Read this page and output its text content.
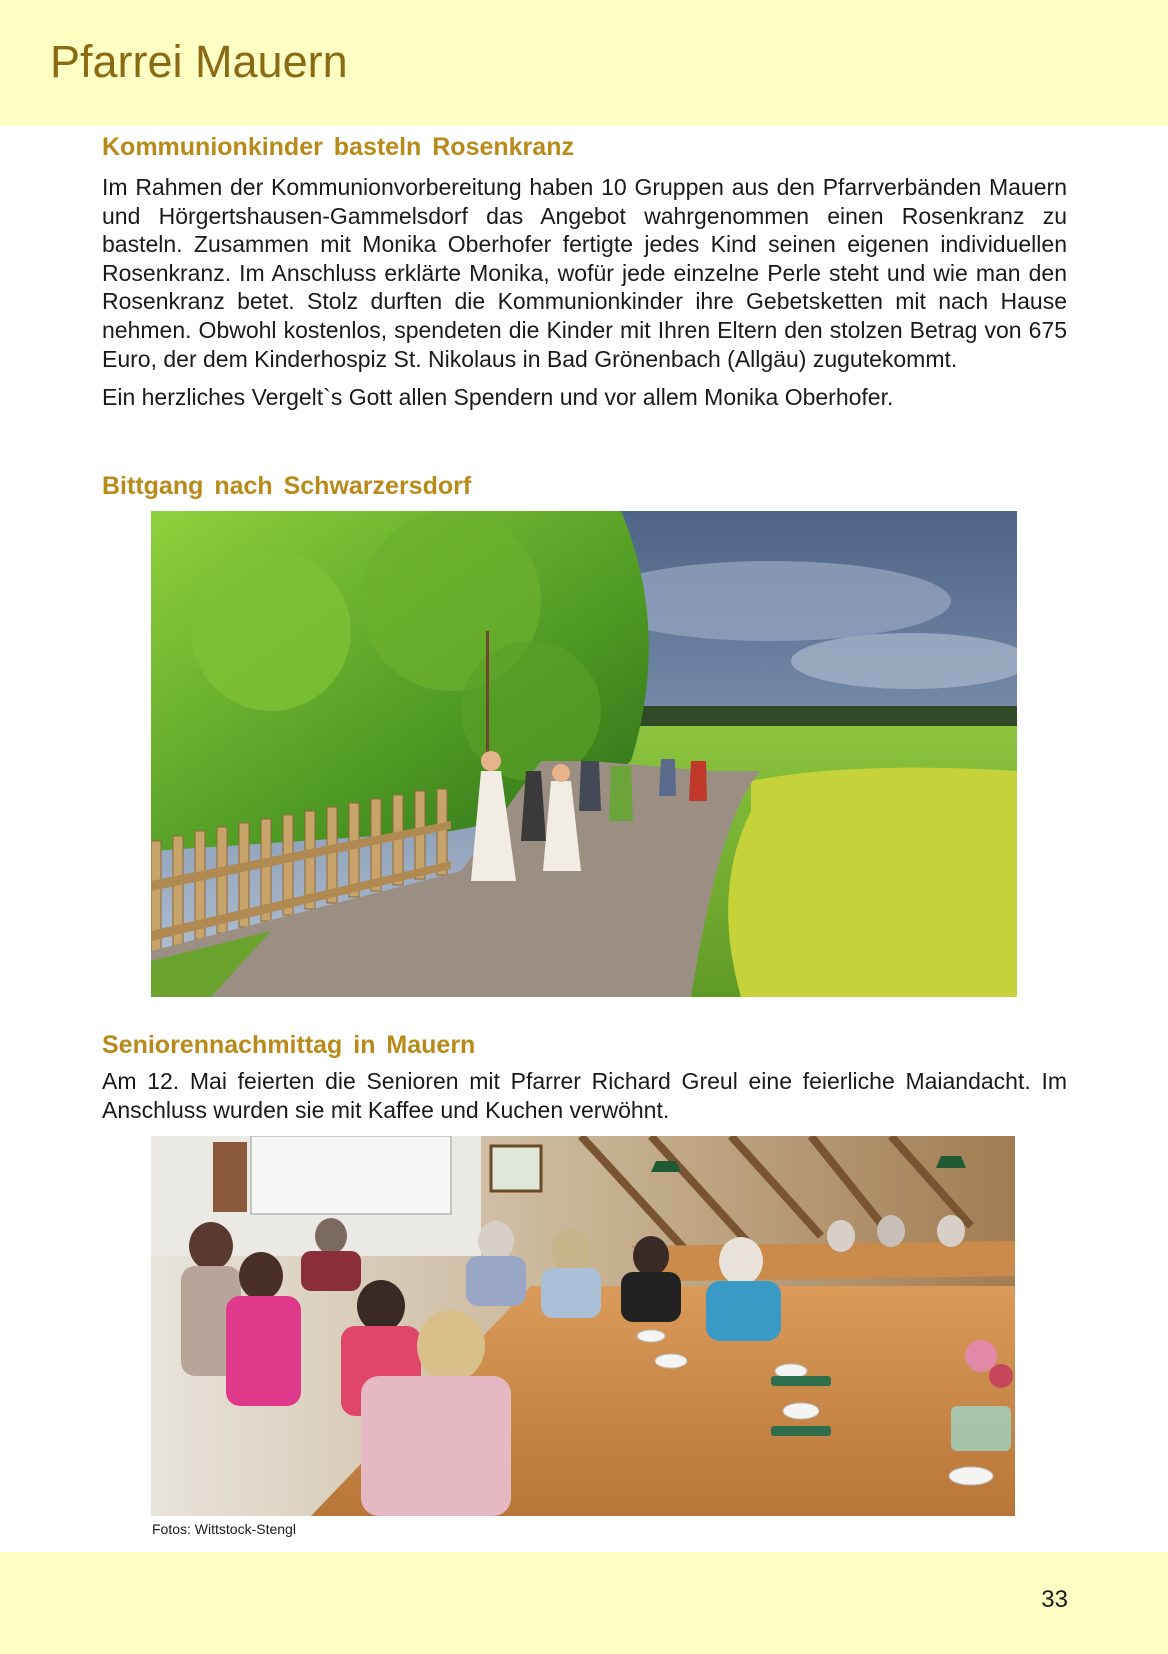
Pfarrei Mauern
Kommunionkinder basteln Rosenkranz

Im Rahmen der Kommunionvorbereitung haben 10 Gruppen aus den Pfarrverbänden Mauern und Hörgertshausen-Gammelsdorf das Angebot wahrgenommen einen Rosenkranz zu basteln. Zusammen mit Monika Oberhofer fertigte jedes Kind seinen eigenen individuellen Rosenkranz. Im Anschluss erklärte Monika, wofür jede einzelne Perle steht und wie man den Rosenkranz betet. Stolz durften die Kommunionkinder ihre Gebetsketten mit nach Hause nehmen. Obwohl kostenlos, spendeten die Kinder mit Ihren Eltern den stolzen Betrag von 675 Euro, der dem Kinderhospiz St. Nikolaus in Bad Grönenbach (Allgäu) zugutekommt.

Ein herzliches Vergelt`s Gott allen Spendern und vor allem Monika Oberhofer.

Bittgang nach Schwarzersdorf
Seniorennachmittag in Mauern

Am 12. Mai feierten die Senioren mit Pfarrer Richard Greul eine feierliche Maiandacht. Im Anschluss wurden sie mit Kaffee und Kuchen verwöhnt.

Fotos: Wittstock-Stengl
33
